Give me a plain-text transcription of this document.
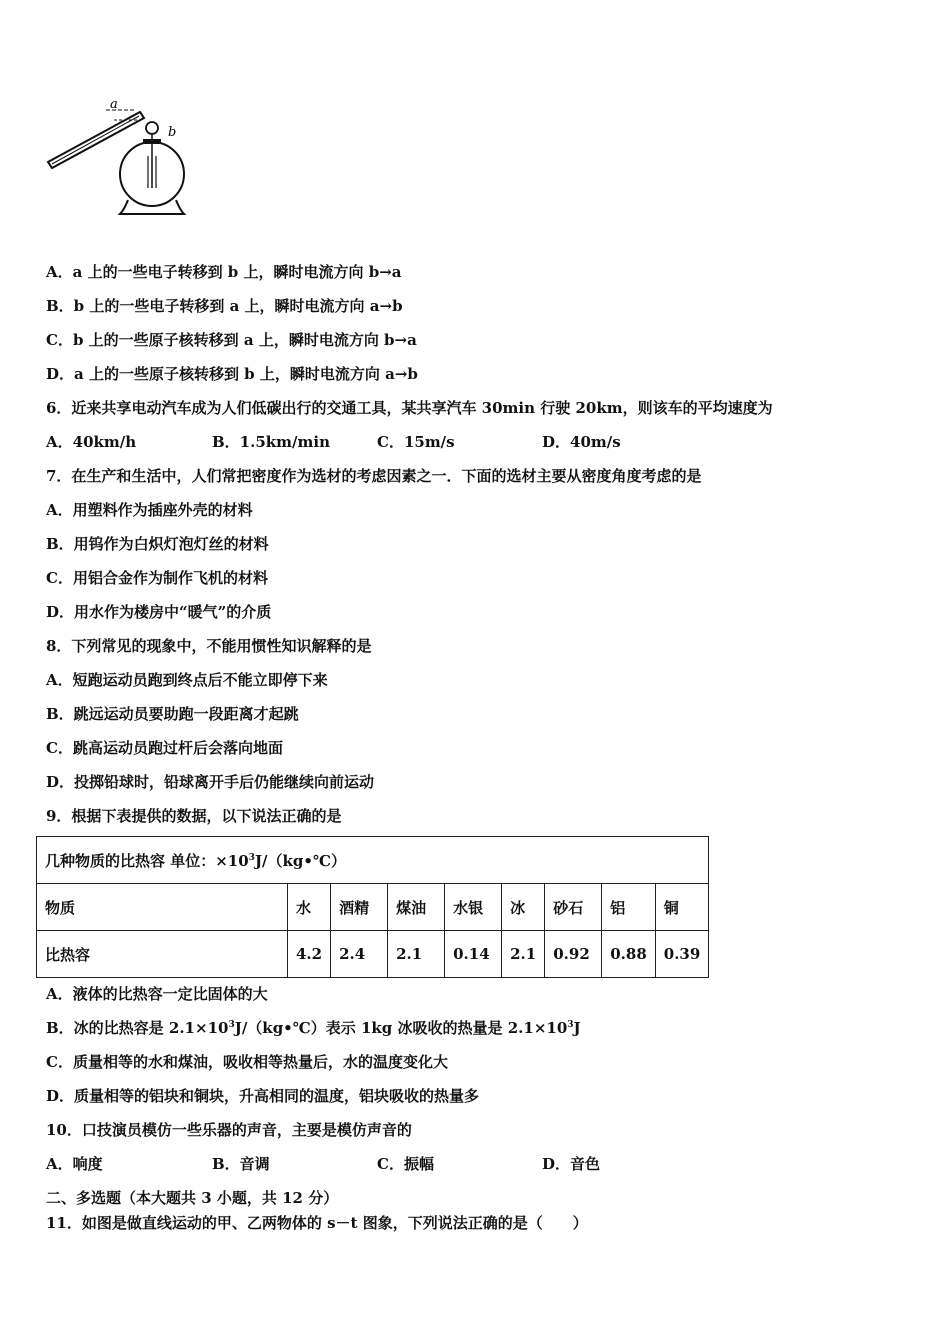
a
b
A．a 上的一些电子转移到 b 上，瞬时电流方向 b→a
B．b 上的一些电子转移到 a 上，瞬时电流方向 a→b
C．b 上的一些原子核转移到 a 上，瞬时电流方向 b→a
D．a 上的一些原子核转移到 b 上，瞬时电流方向 a→b
6．近来共享电动汽车成为人们低碳出行的交通工具，某共享汽车 30min 行驶 20km，则该车的平均速度为
A．40km/h	B．1.5km/min	C．15m/s	D．40m/s
7．在生产和生活中，人们常把密度作为选材的考虑因素之一．下面的选材主要从密度角度考虑的是
A．用塑料作为插座外壳的材料
B．用钨作为白炽灯泡灯丝的材料
C．用铝合金作为制作飞机的材料
D．用水作为楼房中“暖气”的介质
8．下列常见的现象中，不能用惯性知识解释的是
A．短跑运动员跑到终点后不能立即停下来
B．跳远运动员要助跑一段距离才起跳
C．跳高运动员跑过杆后会落向地面
D．投掷铅球时，铅球离开手后仍能继续向前运动
9．根据下表提供的数据，以下说法正确的是
几种物质的比热容 单位：$\times 10^3J/(kg•℃)$								
物质	水	酒精	煤油	水银	冰	砂石	铝	铜
比热容	4.2	2.4	2.1	0.14	2.1	0.92	0.88	0.39
A．液体的比热容一定比固体的大
B．冰的比热容是 $2.1\times 10^3J/(kg•℃)$表示 1kg 冰吸收的热量是 $2.1\times 10^3J$
C．质量相等的水和煤油，吸收相等热量后，水的温度变化大
D．质量相等的铝块和铜块，升高相同的温度，铝块吸收的热量多
10．口技演员模仿一些乐器的声音，主要是模仿声音的
A．响度	B．音调	C．振幅	D．音色
二、多选题（本大题共 3 小题，共 12 分）
11．如图是做直线运动的甲、乙两物体的 s－t 图象，下列说法正确的是（　　）
